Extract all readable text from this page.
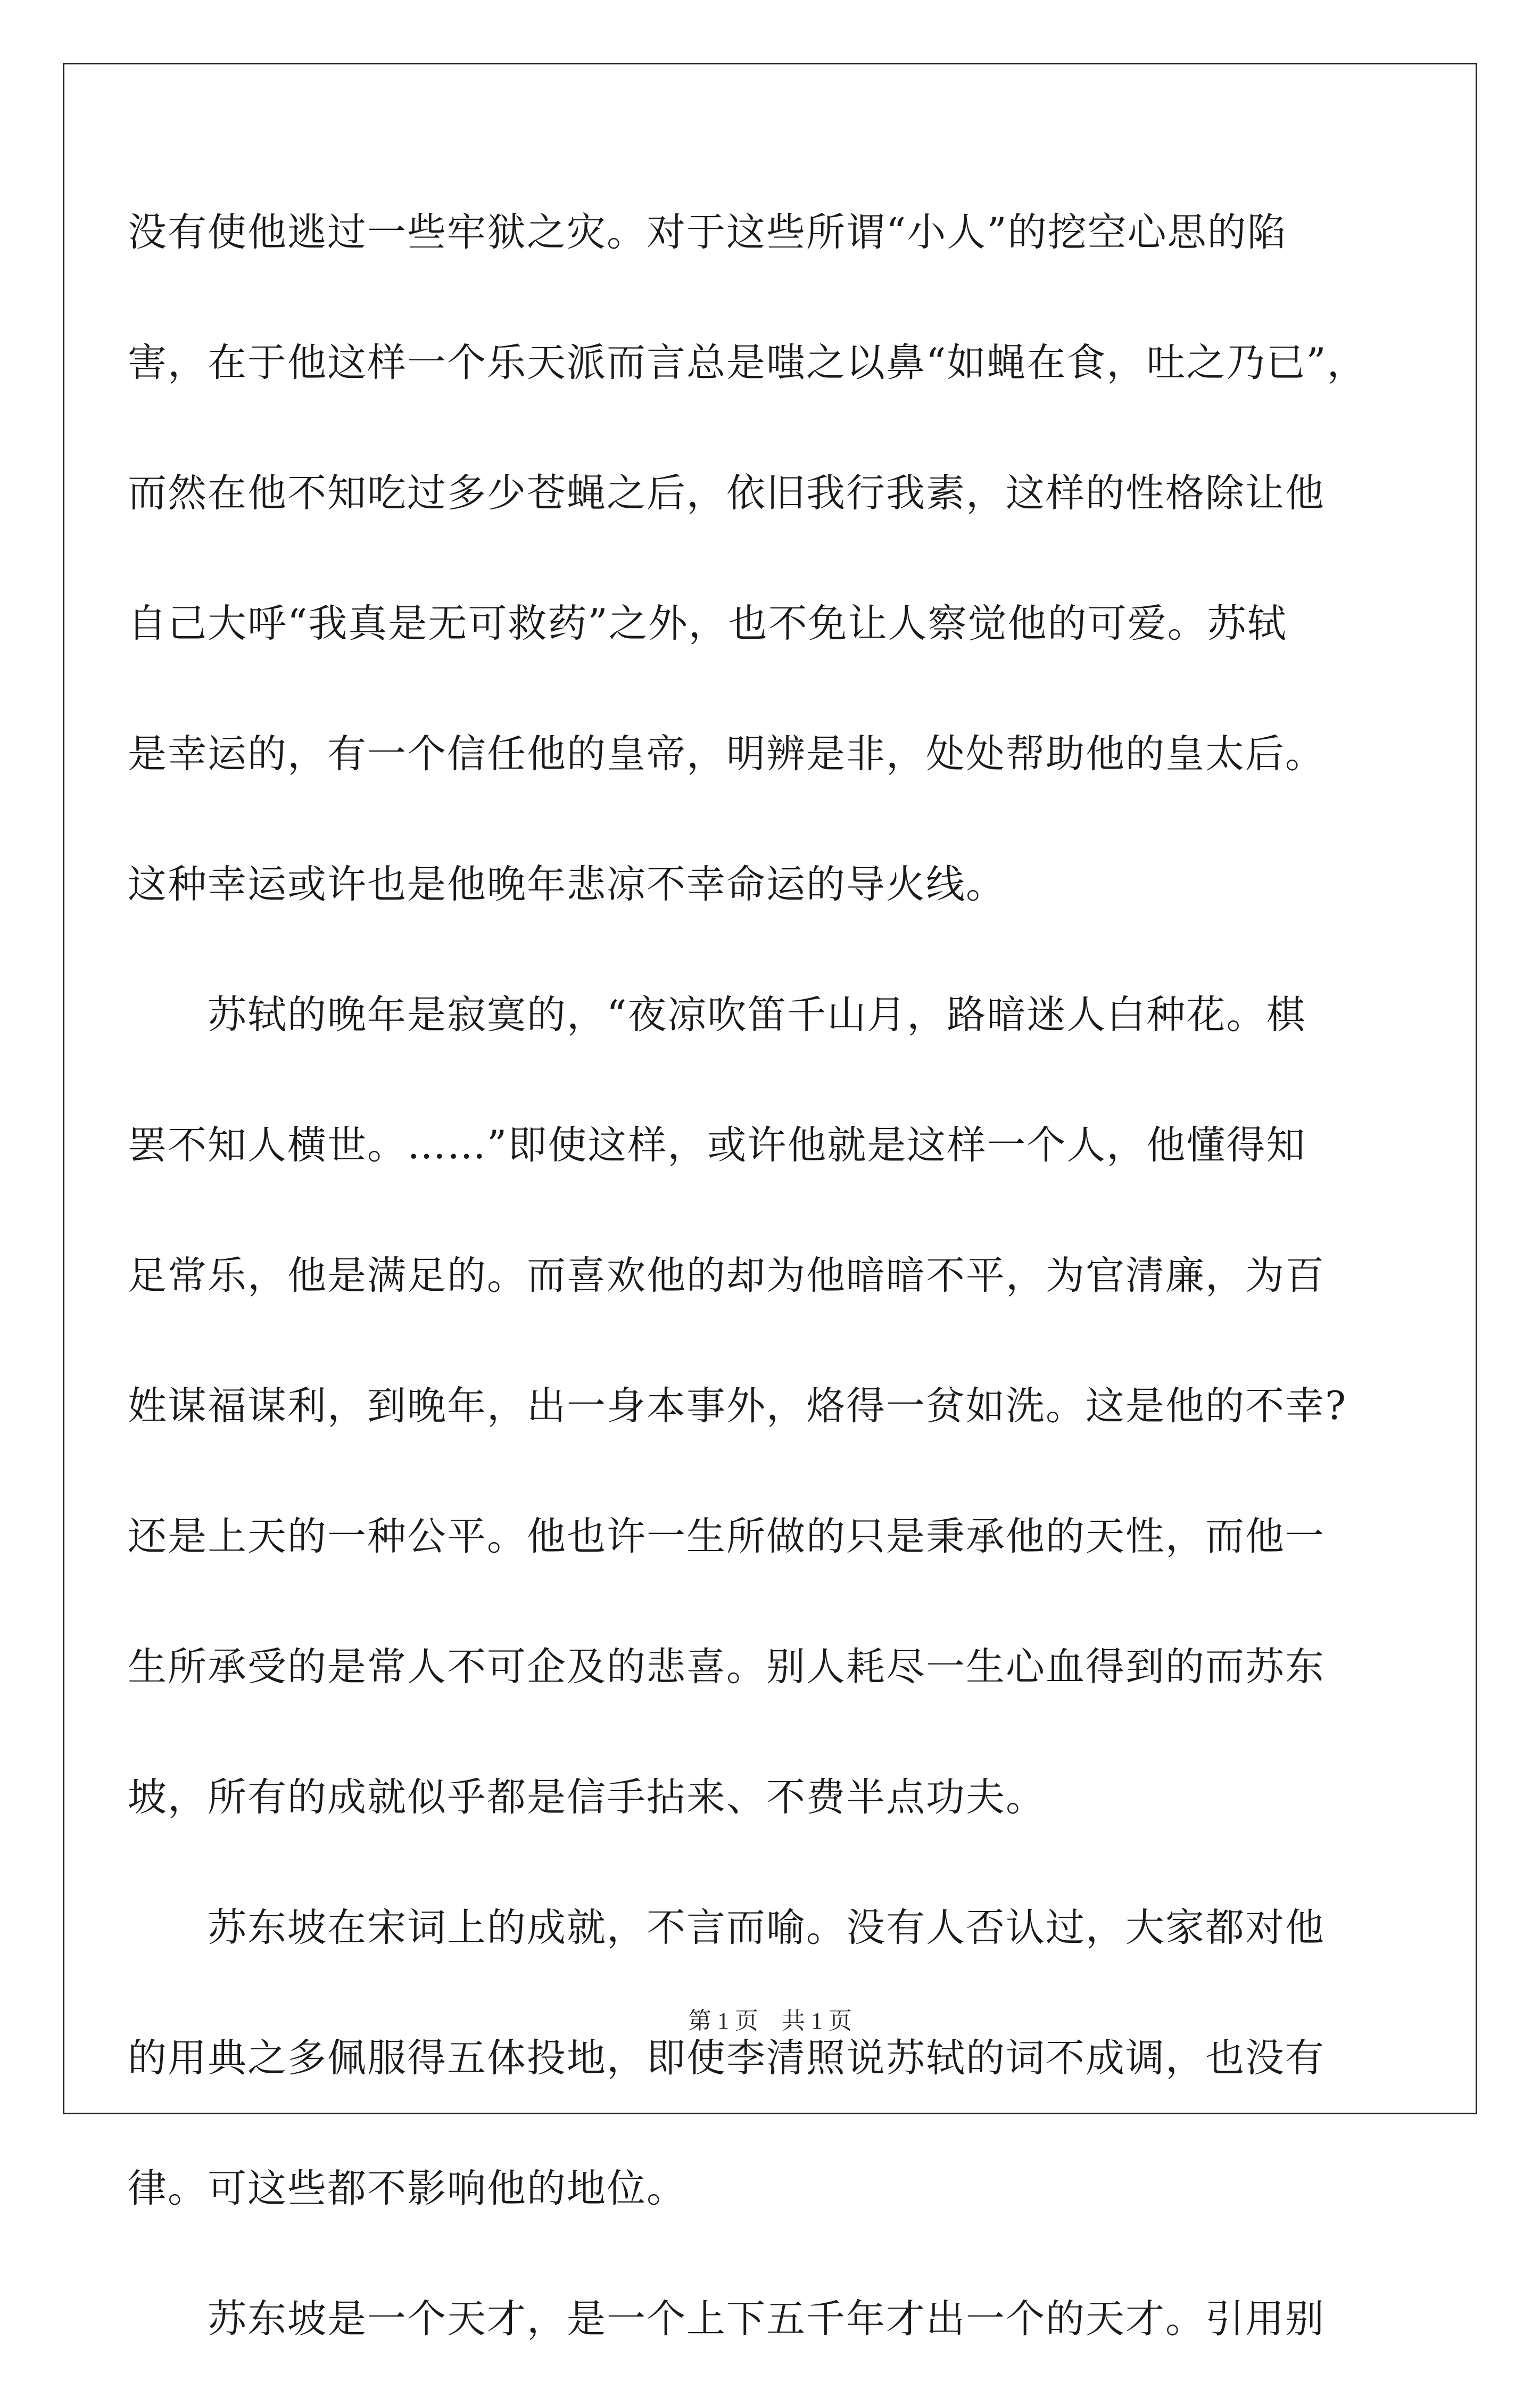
没有使他逃过一些牢狱之灾。对于这些所谓“小人”的挖空心思的陷
害，在于他这样一个乐天派而言总是嗤之以鼻“如蝇在食，吐之乃已”，
而然在他不知吃过多少苍蝇之后，依旧我行我素，这样的性格除让他
自己大呼“我真是无可救药”之外，也不免让人察觉他的可爱。苏轼
是幸运的，有一个信任他的皇帝，明辨是非，处处帮助他的皇太后。
这种幸运或许也是他晚年悲凉不幸命运的导火线。
　　苏轼的晚年是寂寞的，“夜凉吹笛千山月，路暗迷人白种花。棋
罢不知人横世。……”即使这样，或许他就是这样一个人，他懂得知
足常乐，他是满足的。而喜欢他的却为他暗暗不平，为官清廉，为百
姓谋福谋利，到晚年，出一身本事外，烙得一贫如洗。这是他的不幸?
还是上天的一种公平。他也许一生所做的只是秉承他的天性，而他一
生所承受的是常人不可企及的悲喜。别人耗尽一生心血得到的而苏东
坡，所有的成就似乎都是信手拈来、不费半点功夫。
　　苏东坡在宋词上的成就，不言而喻。没有人否认过，大家都对他
的用典之多佩服得五体投地，即使李清照说苏轼的词不成调，也没有
律。可这些都不影响他的地位。
　　苏东坡是一个天才，是一个上下五千年才出一个的天才。引用别
第 1 页　共 1 页
